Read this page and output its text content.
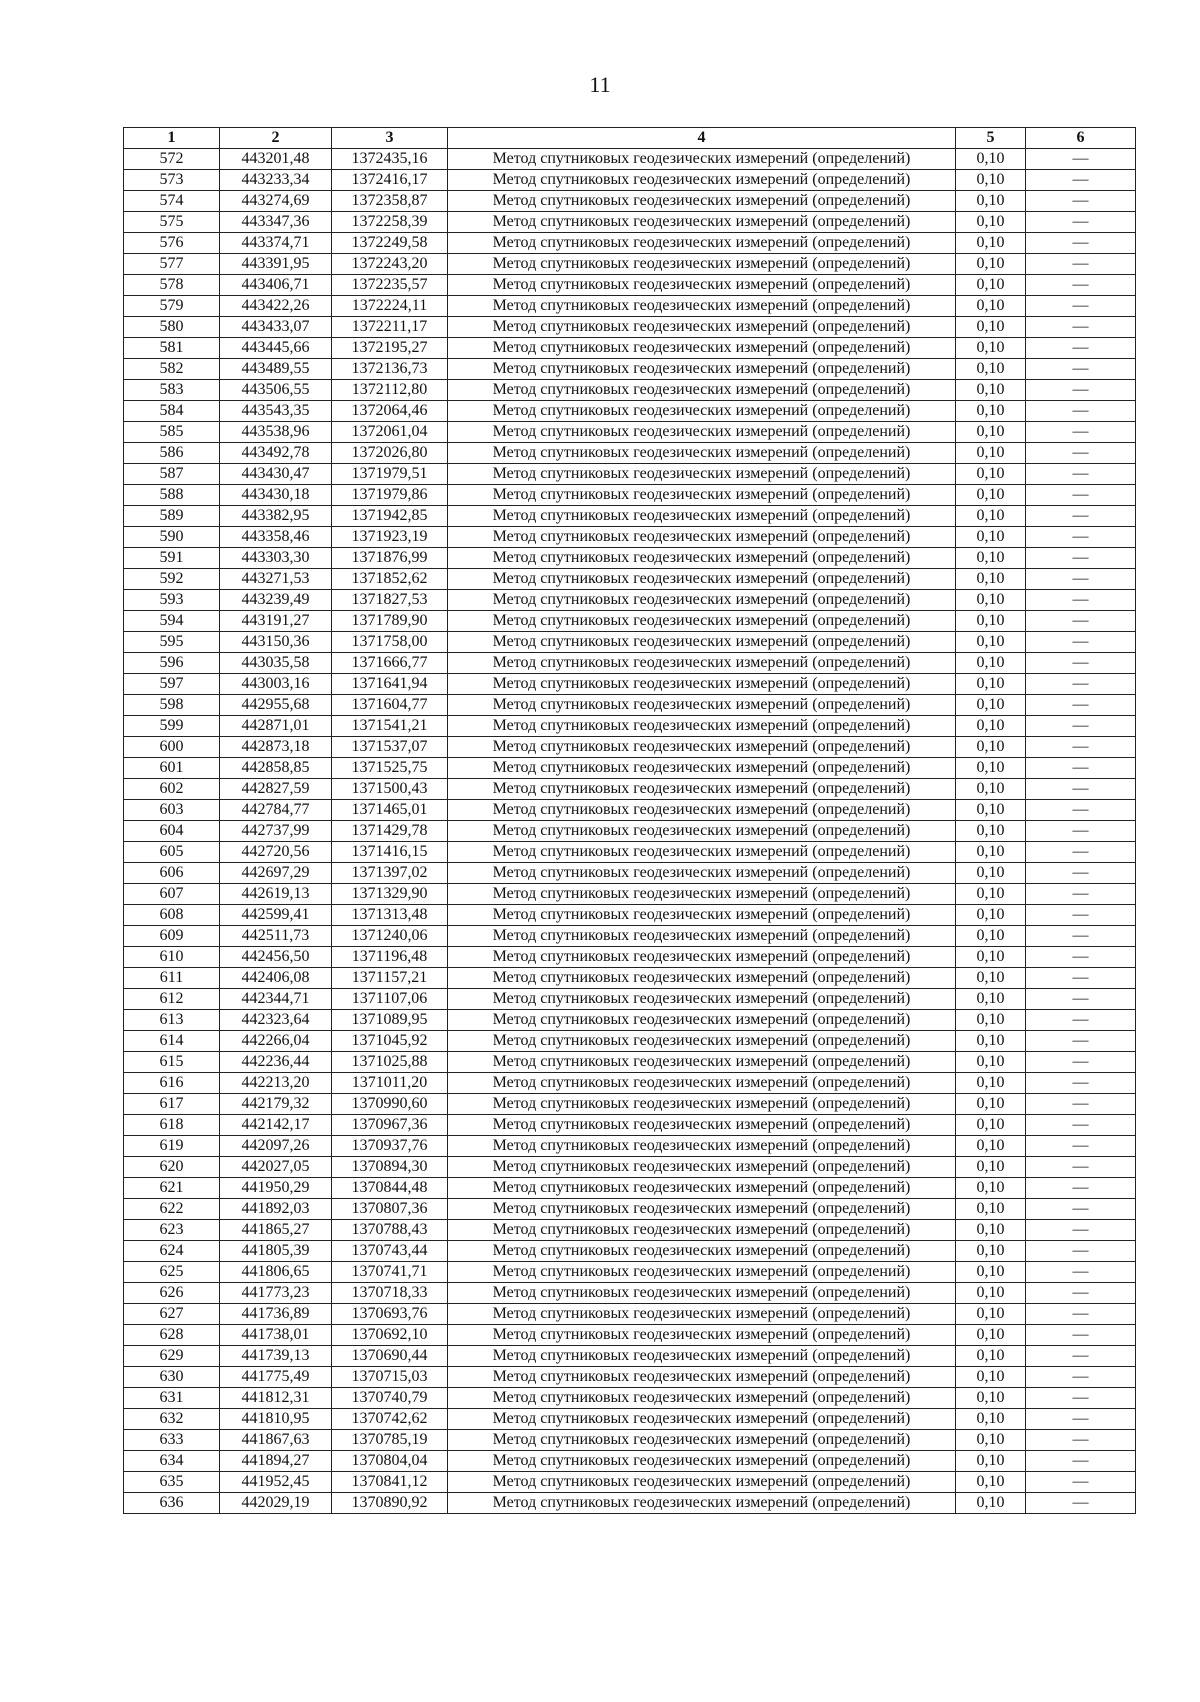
11
1	2	3	4	5	6
572	443201,48	1372435,16	Метод спутниковых геодезических измерений (определений)	0,10	—
573	443233,34	1372416,17	Метод спутниковых геодезических измерений (определений)	0,10	—
574	443274,69	1372358,87	Метод спутниковых геодезических измерений (определений)	0,10	—
575	443347,36	1372258,39	Метод спутниковых геодезических измерений (определений)	0,10	—
576	443374,71	1372249,58	Метод спутниковых геодезических измерений (определений)	0,10	—
577	443391,95	1372243,20	Метод спутниковых геодезических измерений (определений)	0,10	—
578	443406,71	1372235,57	Метод спутниковых геодезических измерений (определений)	0,10	—
579	443422,26	1372224,11	Метод спутниковых геодезических измерений (определений)	0,10	—
580	443433,07	1372211,17	Метод спутниковых геодезических измерений (определений)	0,10	—
581	443445,66	1372195,27	Метод спутниковых геодезических измерений (определений)	0,10	—
582	443489,55	1372136,73	Метод спутниковых геодезических измерений (определений)	0,10	—
583	443506,55	1372112,80	Метод спутниковых геодезических измерений (определений)	0,10	—
584	443543,35	1372064,46	Метод спутниковых геодезических измерений (определений)	0,10	—
585	443538,96	1372061,04	Метод спутниковых геодезических измерений (определений)	0,10	—
586	443492,78	1372026,80	Метод спутниковых геодезических измерений (определений)	0,10	—
587	443430,47	1371979,51	Метод спутниковых геодезических измерений (определений)	0,10	—
588	443430,18	1371979,86	Метод спутниковых геодезических измерений (определений)	0,10	—
589	443382,95	1371942,85	Метод спутниковых геодезических измерений (определений)	0,10	—
590	443358,46	1371923,19	Метод спутниковых геодезических измерений (определений)	0,10	—
591	443303,30	1371876,99	Метод спутниковых геодезических измерений (определений)	0,10	—
592	443271,53	1371852,62	Метод спутниковых геодезических измерений (определений)	0,10	—
593	443239,49	1371827,53	Метод спутниковых геодезических измерений (определений)	0,10	—
594	443191,27	1371789,90	Метод спутниковых геодезических измерений (определений)	0,10	—
595	443150,36	1371758,00	Метод спутниковых геодезических измерений (определений)	0,10	—
596	443035,58	1371666,77	Метод спутниковых геодезических измерений (определений)	0,10	—
597	443003,16	1371641,94	Метод спутниковых геодезических измерений (определений)	0,10	—
598	442955,68	1371604,77	Метод спутниковых геодезических измерений (определений)	0,10	—
599	442871,01	1371541,21	Метод спутниковых геодезических измерений (определений)	0,10	—
600	442873,18	1371537,07	Метод спутниковых геодезических измерений (определений)	0,10	—
601	442858,85	1371525,75	Метод спутниковых геодезических измерений (определений)	0,10	—
602	442827,59	1371500,43	Метод спутниковых геодезических измерений (определений)	0,10	—
603	442784,77	1371465,01	Метод спутниковых геодезических измерений (определений)	0,10	—
604	442737,99	1371429,78	Метод спутниковых геодезических измерений (определений)	0,10	—
605	442720,56	1371416,15	Метод спутниковых геодезических измерений (определений)	0,10	—
606	442697,29	1371397,02	Метод спутниковых геодезических измерений (определений)	0,10	—
607	442619,13	1371329,90	Метод спутниковых геодезических измерений (определений)	0,10	—
608	442599,41	1371313,48	Метод спутниковых геодезических измерений (определений)	0,10	—
609	442511,73	1371240,06	Метод спутниковых геодезических измерений (определений)	0,10	—
610	442456,50	1371196,48	Метод спутниковых геодезических измерений (определений)	0,10	—
611	442406,08	1371157,21	Метод спутниковых геодезических измерений (определений)	0,10	—
612	442344,71	1371107,06	Метод спутниковых геодезических измерений (определений)	0,10	—
613	442323,64	1371089,95	Метод спутниковых геодезических измерений (определений)	0,10	—
614	442266,04	1371045,92	Метод спутниковых геодезических измерений (определений)	0,10	—
615	442236,44	1371025,88	Метод спутниковых геодезических измерений (определений)	0,10	—
616	442213,20	1371011,20	Метод спутниковых геодезических измерений (определений)	0,10	—
617	442179,32	1370990,60	Метод спутниковых геодезических измерений (определений)	0,10	—
618	442142,17	1370967,36	Метод спутниковых геодезических измерений (определений)	0,10	—
619	442097,26	1370937,76	Метод спутниковых геодезических измерений (определений)	0,10	—
620	442027,05	1370894,30	Метод спутниковых геодезических измерений (определений)	0,10	—
621	441950,29	1370844,48	Метод спутниковых геодезических измерений (определений)	0,10	—
622	441892,03	1370807,36	Метод спутниковых геодезических измерений (определений)	0,10	—
623	441865,27	1370788,43	Метод спутниковых геодезических измерений (определений)	0,10	—
624	441805,39	1370743,44	Метод спутниковых геодезических измерений (определений)	0,10	—
625	441806,65	1370741,71	Метод спутниковых геодезических измерений (определений)	0,10	—
626	441773,23	1370718,33	Метод спутниковых геодезических измерений (определений)	0,10	—
627	441736,89	1370693,76	Метод спутниковых геодезических измерений (определений)	0,10	—
628	441738,01	1370692,10	Метод спутниковых геодезических измерений (определений)	0,10	—
629	441739,13	1370690,44	Метод спутниковых геодезических измерений (определений)	0,10	—
630	441775,49	1370715,03	Метод спутниковых геодезических измерений (определений)	0,10	—
631	441812,31	1370740,79	Метод спутниковых геодезических измерений (определений)	0,10	—
632	441810,95	1370742,62	Метод спутниковых геодезических измерений (определений)	0,10	—
633	441867,63	1370785,19	Метод спутниковых геодезических измерений (определений)	0,10	—
634	441894,27	1370804,04	Метод спутниковых геодезических измерений (определений)	0,10	—
635	441952,45	1370841,12	Метод спутниковых геодезических измерений (определений)	0,10	—
636	442029,19	1370890,92	Метод спутниковых геодезических измерений (определений)	0,10	—
